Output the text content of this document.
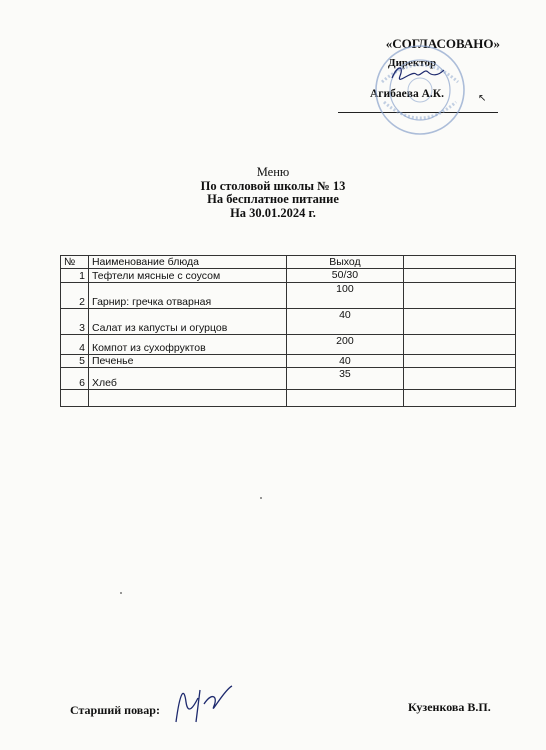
«СОГЛАСОВАНО»
Директор
Агибаева А.К.	↖
Меню
По столовой школы № 13
На бесплатное питание
На 30.01.2024 г.
№	Наименование блюда	Выход	
1	Тефтели мясные с соусом	50/30	
2	Гарнир: гречка отварная	100	
3	Салат из капусты и огурцов	40	
4	Компот из сухофруктов	200	
5	Печенье	40	
6	Хлеб	35	

Старший повар:	Кузенкова В.П.
